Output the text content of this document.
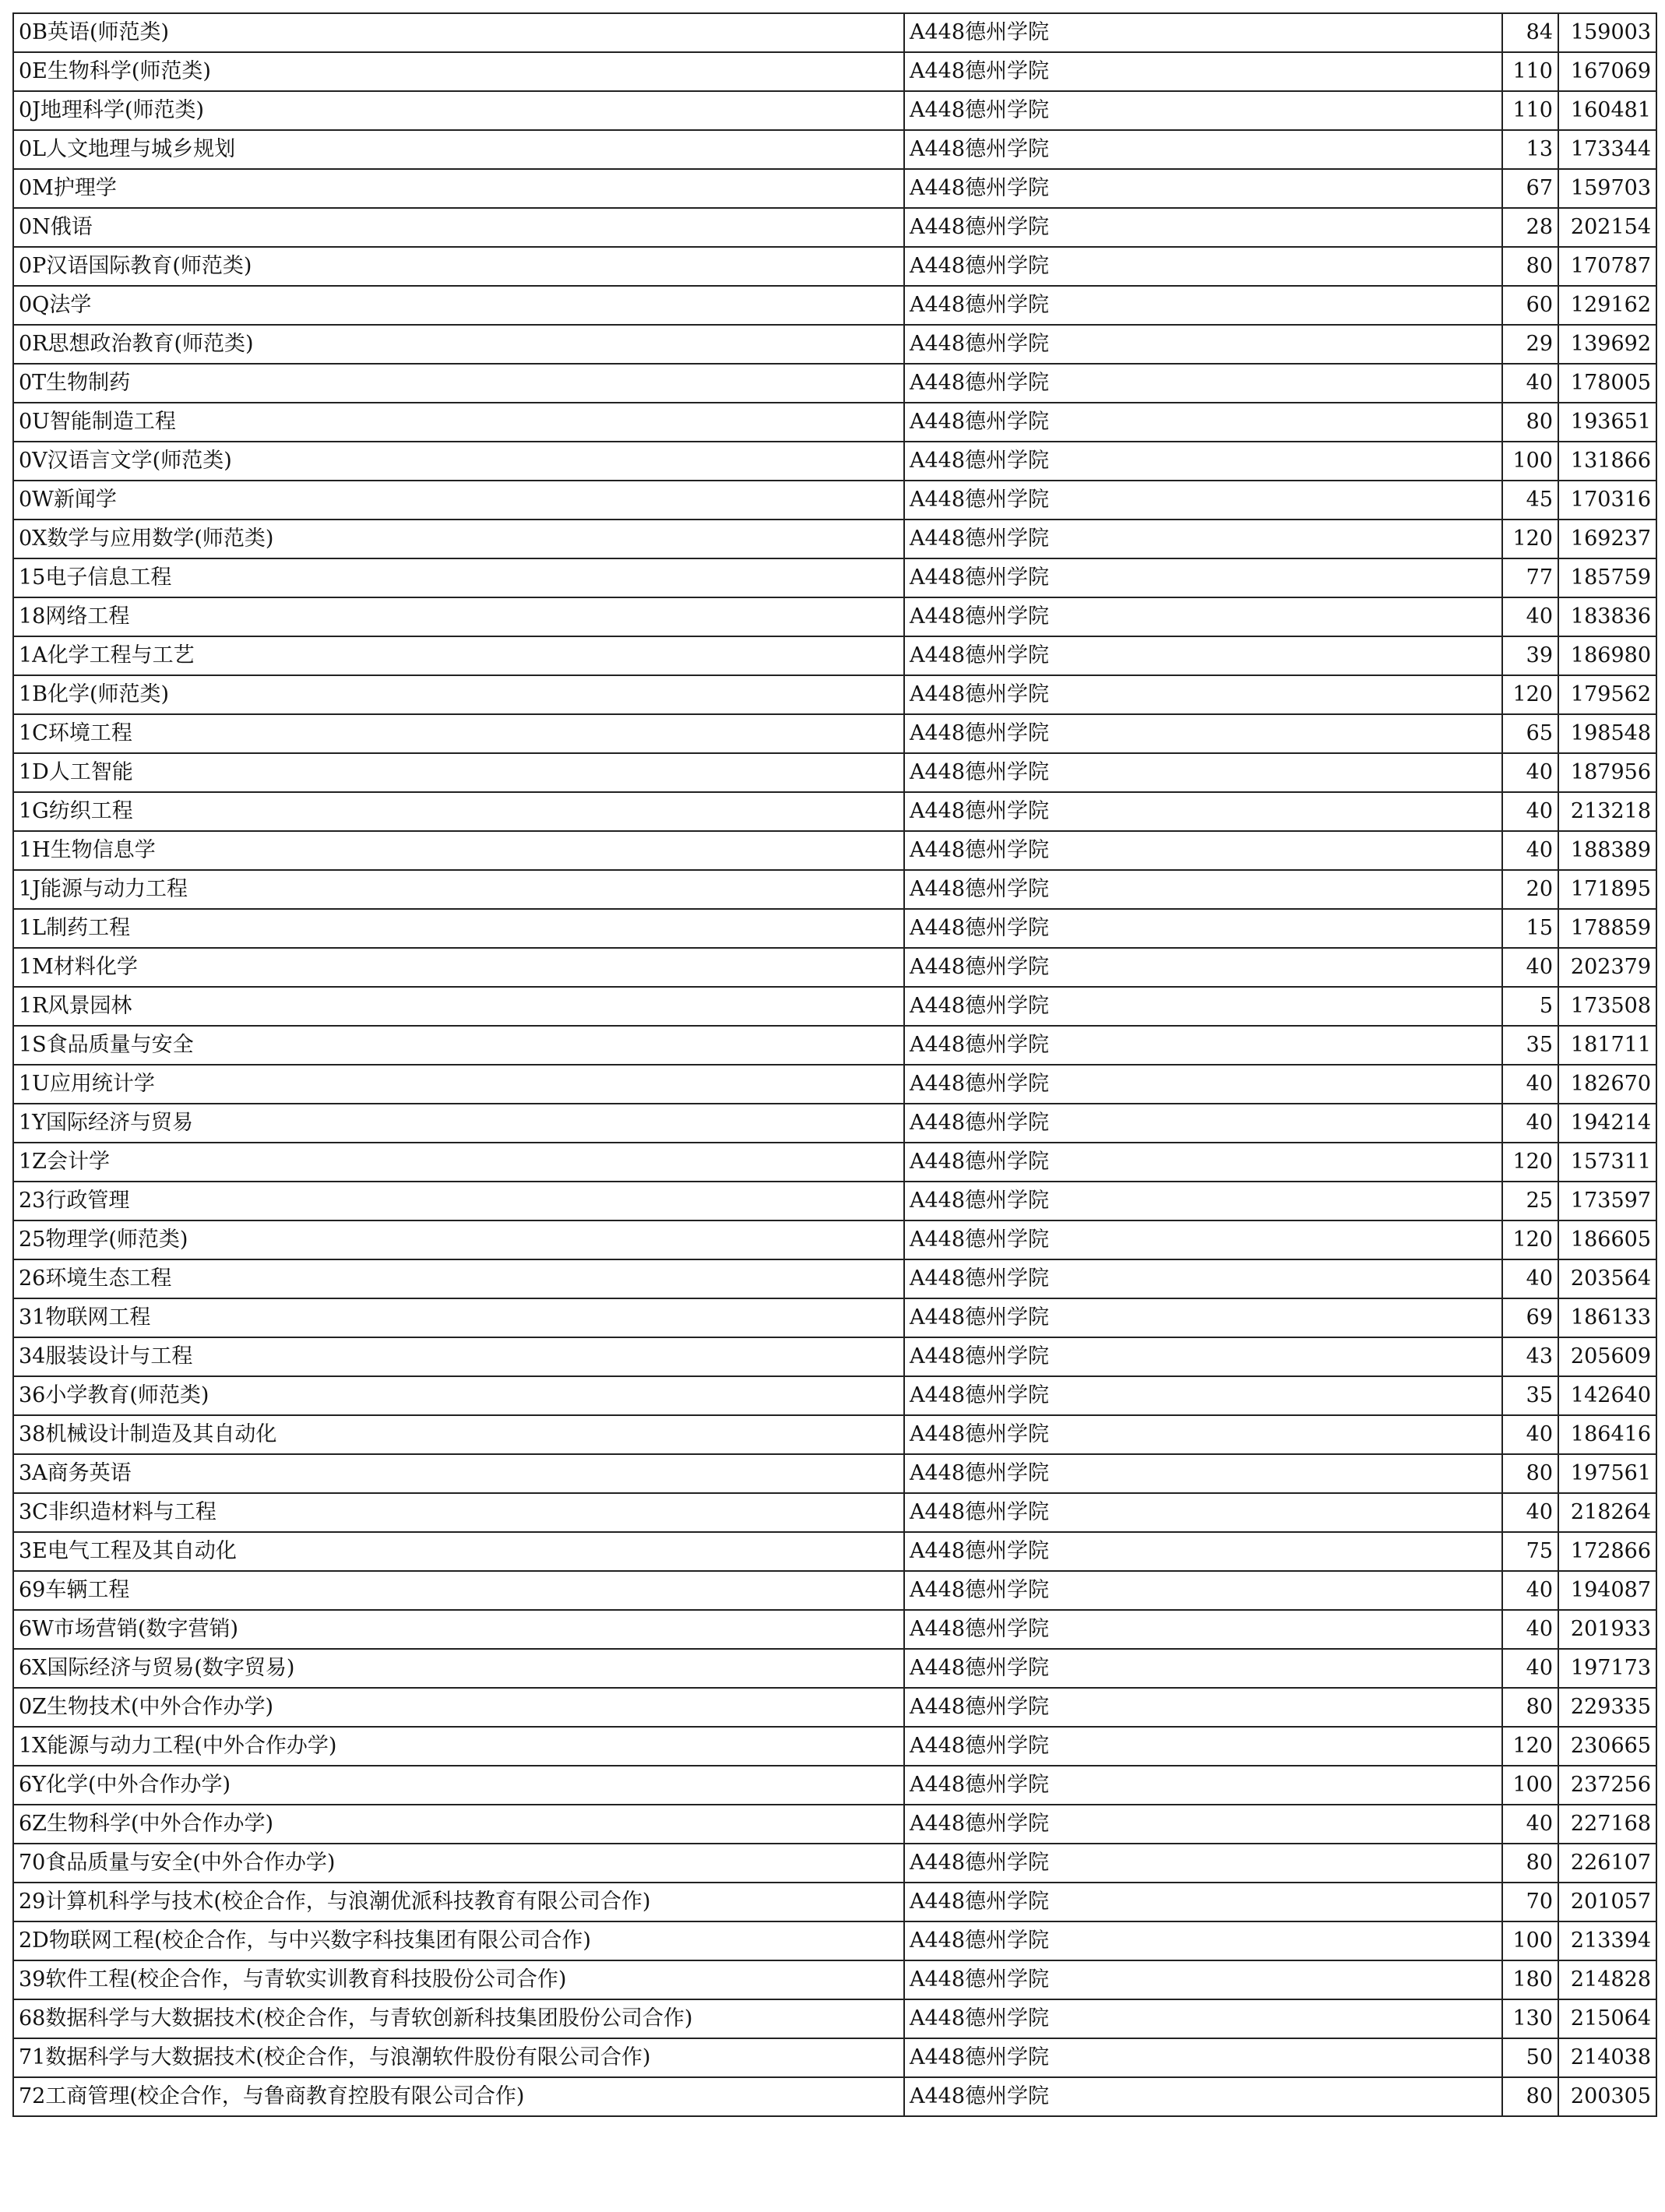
0B英语(师范类)	A448德州学院	84	159003
0E生物科学(师范类)	A448德州学院	110	167069
0J地理科学(师范类)	A448德州学院	110	160481
0L人文地理与城乡规划	A448德州学院	13	173344
0M护理学	A448德州学院	67	159703
0N俄语	A448德州学院	28	202154
0P汉语国际教育(师范类)	A448德州学院	80	170787
0Q法学	A448德州学院	60	129162
0R思想政治教育(师范类)	A448德州学院	29	139692
0T生物制药	A448德州学院	40	178005
0U智能制造工程	A448德州学院	80	193651
0V汉语言文学(师范类)	A448德州学院	100	131866
0W新闻学	A448德州学院	45	170316
0X数学与应用数学(师范类)	A448德州学院	120	169237
15电子信息工程	A448德州学院	77	185759
18网络工程	A448德州学院	40	183836
1A化学工程与工艺	A448德州学院	39	186980
1B化学(师范类)	A448德州学院	120	179562
1C环境工程	A448德州学院	65	198548
1D人工智能	A448德州学院	40	187956
1G纺织工程	A448德州学院	40	213218
1H生物信息学	A448德州学院	40	188389
1J能源与动力工程	A448德州学院	20	171895
1L制药工程	A448德州学院	15	178859
1M材料化学	A448德州学院	40	202379
1R风景园林	A448德州学院	5	173508
1S食品质量与安全	A448德州学院	35	181711
1U应用统计学	A448德州学院	40	182670
1Y国际经济与贸易	A448德州学院	40	194214
1Z会计学	A448德州学院	120	157311
23行政管理	A448德州学院	25	173597
25物理学(师范类)	A448德州学院	120	186605
26环境生态工程	A448德州学院	40	203564
31物联网工程	A448德州学院	69	186133
34服装设计与工程	A448德州学院	43	205609
36小学教育(师范类)	A448德州学院	35	142640
38机械设计制造及其自动化	A448德州学院	40	186416
3A商务英语	A448德州学院	80	197561
3C非织造材料与工程	A448德州学院	40	218264
3E电气工程及其自动化	A448德州学院	75	172866
69车辆工程	A448德州学院	40	194087
6W市场营销(数字营销)	A448德州学院	40	201933
6X国际经济与贸易(数字贸易)	A448德州学院	40	197173
0Z生物技术(中外合作办学)	A448德州学院	80	229335
1X能源与动力工程(中外合作办学)	A448德州学院	120	230665
6Y化学(中外合作办学)	A448德州学院	100	237256
6Z生物科学(中外合作办学)	A448德州学院	40	227168
70食品质量与安全(中外合作办学)	A448德州学院	80	226107
29计算机科学与技术(校企合作，与浪潮优派科技教育有限公司合作)	A448德州学院	70	201057
2D物联网工程(校企合作，与中兴数字科技集团有限公司合作)	A448德州学院	100	213394
39软件工程(校企合作，与青软实训教育科技股份公司合作)	A448德州学院	180	214828
68数据科学与大数据技术(校企合作，与青软创新科技集团股份公司合作)	A448德州学院	130	215064
71数据科学与大数据技术(校企合作，与浪潮软件股份有限公司合作)	A448德州学院	50	214038
72工商管理(校企合作，与鲁商教育控股有限公司合作)	A448德州学院	80	200305
